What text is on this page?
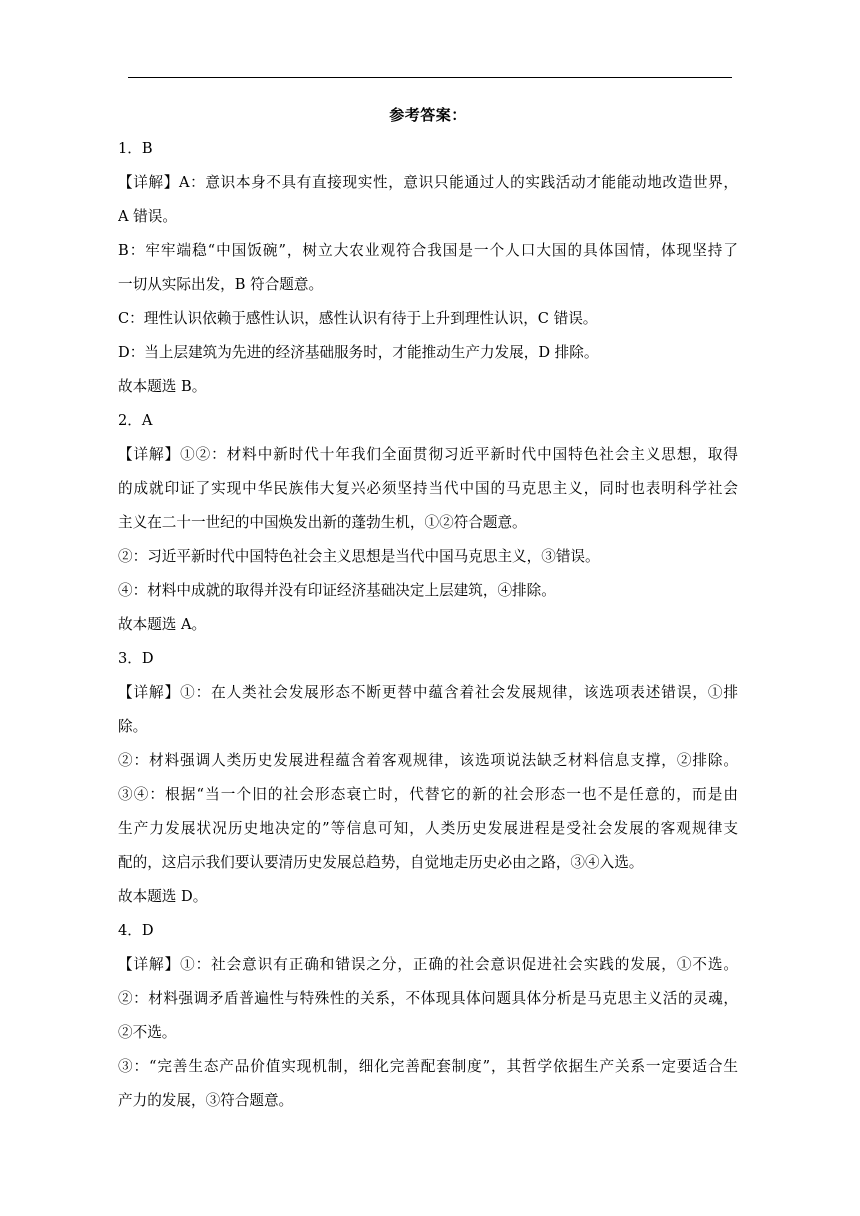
参考答案：
1．B
【详解】A：意识本身不具有直接现实性，意识只能通过人的实践活动才能能动地改造世界，
A 错误。
B：牢牢端稳“中国饭碗”，树立大农业观符合我国是一个人口大国的具体国情，体现坚持了
一切从实际出发，B 符合题意。
C：理性认识依赖于感性认识，感性认识有待于上升到理性认识，C 错误。
D：当上层建筑为先进的经济基础服务时，才能推动生产力发展，D 排除。
故本题选 B。
2．A
【详解】①②：材料中新时代十年我们全面贯彻习近平新时代中国特色社会主义思想，取得
的成就印证了实现中华民族伟大复兴必须坚持当代中国的马克思主义，同时也表明科学社会
主义在二十一世纪的中国焕发出新的蓬勃生机，①②符合题意。
②：习近平新时代中国特色社会主义思想是当代中国马克思主义，③错误。
④：材料中成就的取得并没有印证经济基础决定上层建筑，④排除。
故本题选 A。
3．D
【详解】①：在人类社会发展形态不断更替中蕴含着社会发展规律，该选项表述错误，①排
除。
②：材料强调人类历史发展进程蕴含着客观规律，该选项说法缺乏材料信息支撑，②排除。
③④：根据“当一个旧的社会形态衰亡时，代替它的新的社会形态一也不是任意的，而是由
生产力发展状况历史地决定的”等信息可知，人类历史发展进程是受社会发展的客观规律支
配的，这启示我们要认要清历史发展总趋势，自觉地走历史必由之路，③④入选。
故本题选 D。
4．D
【详解】①：社会意识有正确和错误之分，正确的社会意识促进社会实践的发展，①不选。
②：材料强调矛盾普遍性与特殊性的关系，不体现具体问题具体分析是马克思主义活的灵魂，
②不选。
③：“完善生态产品价值实现机制，细化完善配套制度”，其哲学依据生产关系一定要适合生
产力的发展，③符合题意。
